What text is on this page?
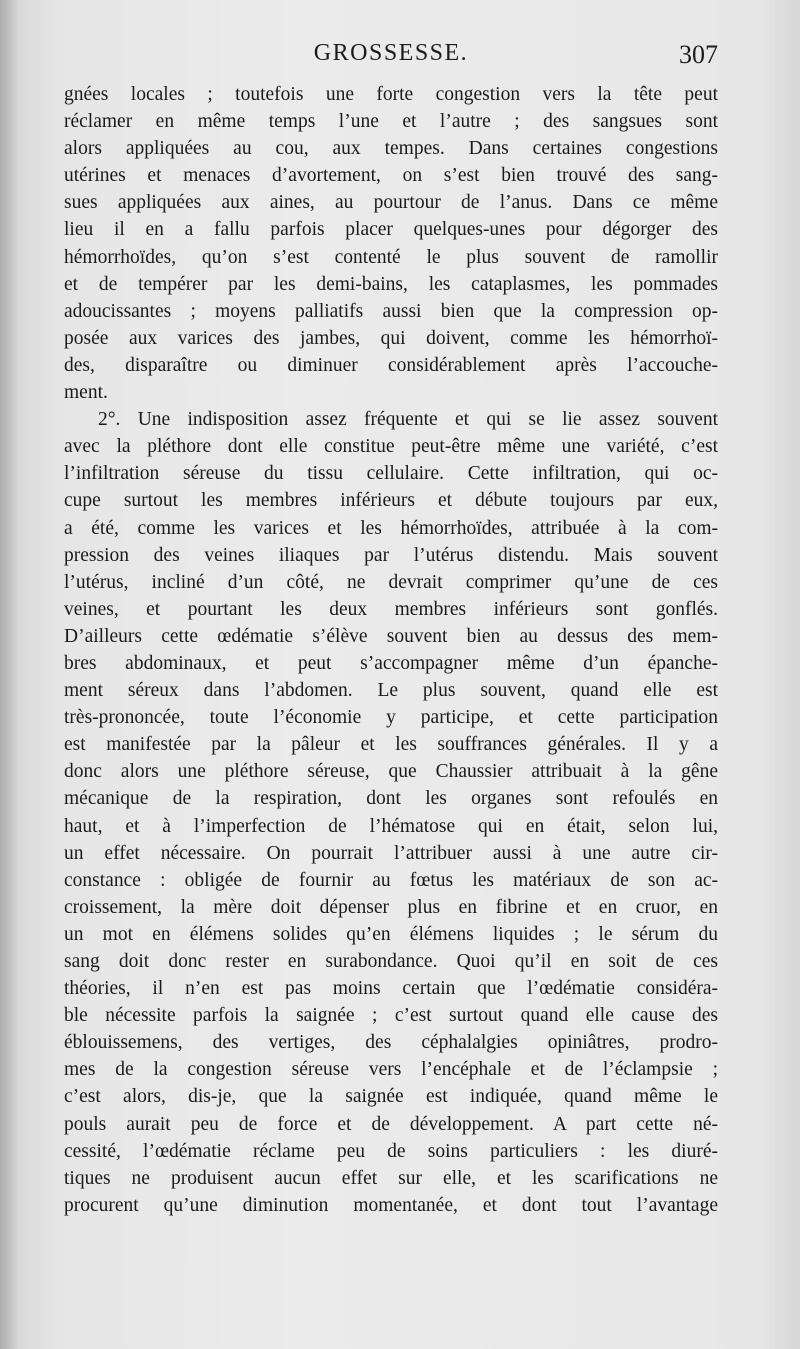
GROSSESSE.	307
gnées locales ; toutefois une forte congestion vers la tête peut
réclamer en même temps l’une et l’autre ; des sangsues sont
alors appliquées au cou, aux tempes. Dans certaines congestions
utérines et menaces d’avortement, on s’est bien trouvé des sang-
sues appliquées aux aines, au pourtour de l’anus. Dans ce même
lieu il en a fallu parfois placer quelques-unes pour dégorger des
hémorrhoïdes, qu’on s’est contenté le plus souvent de ramollir
et de tempérer par les demi-bains, les cataplasmes, les pommades
adoucissantes ; moyens palliatifs aussi bien que la compression op-
posée aux varices des jambes, qui doivent, comme les hémorrhoï-
des, disparaître ou diminuer considérablement après l’accouche-
ment.
2°. Une indisposition assez fréquente et qui se lie assez souvent
avec la pléthore dont elle constitue peut-être même une variété, c’est
l’infiltration séreuse du tissu cellulaire. Cette infiltration, qui oc-
cupe surtout les membres inférieurs et débute toujours par eux,
a été, comme les varices et les hémorrhoïdes, attribuée à la com-
pression des veines iliaques par l’utérus distendu. Mais souvent
l’utérus, incliné d’un côté, ne devrait comprimer qu’une de ces
veines, et pourtant les deux membres inférieurs sont gonflés.
D’ailleurs cette œdématie s’élève souvent bien au dessus des mem-
bres abdominaux, et peut s’accompagner même d’un épanche-
ment séreux dans l’abdomen. Le plus souvent, quand elle est
très-prononcée, toute l’économie y participe, et cette participation
est manifestée par la pâleur et les souffrances générales. Il y a
donc alors une pléthore séreuse, que Chaussier attribuait à la gêne
mécanique de la respiration, dont les organes sont refoulés en
haut, et à l’imperfection de l’hématose qui en était, selon lui,
un effet nécessaire. On pourrait l’attribuer aussi à une autre cir-
constance : obligée de fournir au fœtus les matériaux de son ac-
croissement, la mère doit dépenser plus en fibrine et en cruor, en
un mot en élémens solides qu’en élémens liquides ; le sérum du
sang doit donc rester en surabondance. Quoi qu’il en soit de ces
théories, il n’en est pas moins certain que l’œdématie considéra-
ble nécessite parfois la saignée ; c’est surtout quand elle cause des
éblouissemens, des vertiges, des céphalalgies opiniâtres, prodro-
mes de la congestion séreuse vers l’encéphale et de l’éclampsie ;
c’est alors, dis-je, que la saignée est indiquée, quand même le
pouls aurait peu de force et de développement. A part cette né-
cessité, l’œdématie réclame peu de soins particuliers : les diuré-
tiques ne produisent aucun effet sur elle, et les scarifications ne
procurent qu’une diminution momentanée, et dont tout l’avantage
